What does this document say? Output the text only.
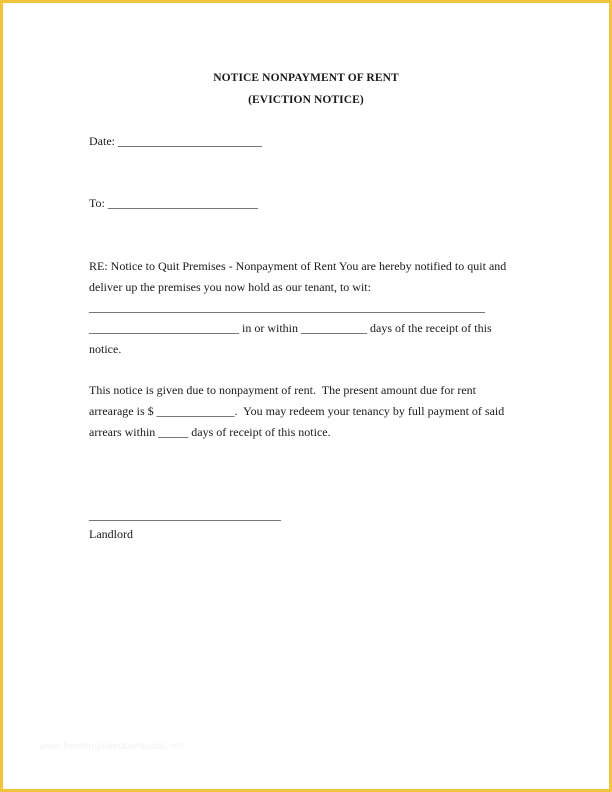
NOTICE NONPAYMENT OF RENT
(EVICTION NOTICE)
Date: ________________________
To: _________________________
RE: Notice to Quit Premises - Nonpayment of Rent You are hereby notified to quit and
deliver up the premises you now hold as our tenant, to wit:
__________________________________________________________________
_________________________ in or within ___________ days of the receipt of this
notice.
This notice is given due to nonpayment of rent.  The present amount due for rent
arrearage is $ _____________.  You may redeem your tenancy by full payment of said
arrears within _____ days of receipt of this notice.
________________________________
Landlord
www.freetemplatedownloads.net
